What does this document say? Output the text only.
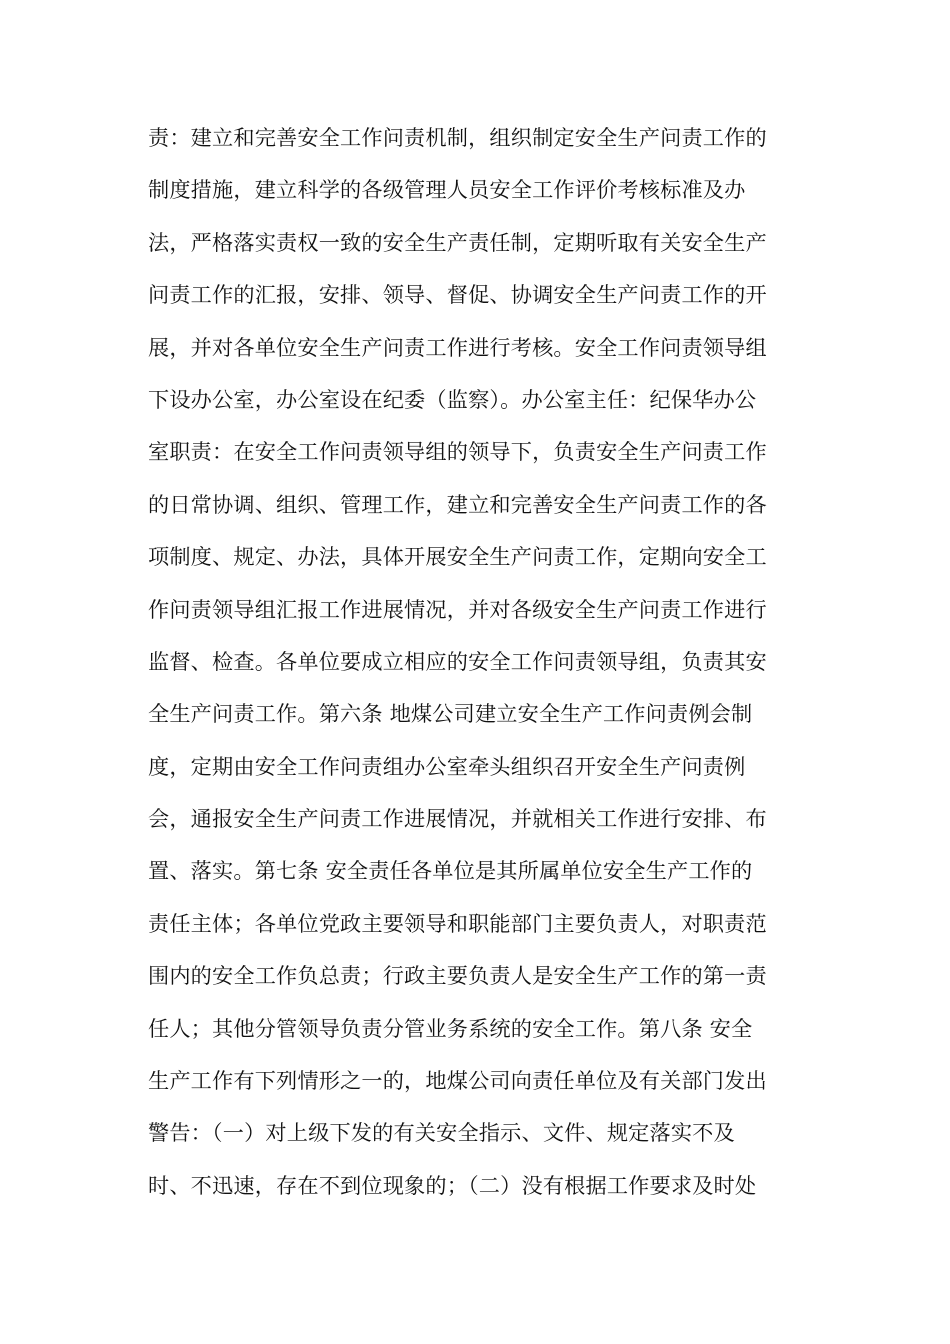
责：建立和完善安全工作问责机制，组织制定安全生产问责工作的
制度措施，建立科学的各级管理人员安全工作评价考核标准及办
法，严格落实责权一致的安全生产责任制，定期听取有关安全生产
问责工作的汇报，安排、领导、督促、协调安全生产问责工作的开
展，并对各单位安全生产问责工作进行考核。安全工作问责领导组
下设办公室，办公室设在纪委（监察）。办公室主任：纪保华办公
室职责：在安全工作问责领导组的领导下，负责安全生产问责工作
的日常协调、组织、管理工作，建立和完善安全生产问责工作的各
项制度、规定、办法，具体开展安全生产问责工作，定期向安全工
作问责领导组汇报工作进展情况，并对各级安全生产问责工作进行
监督、检查。各单位要成立相应的安全工作问责领导组，负责其安
全生产问责工作。第六条 地煤公司建立安全生产工作问责例会制
度，定期由安全工作问责组办公室牵头组织召开安全生产问责例
会，通报安全生产问责工作进展情况，并就相关工作进行安排、布
置、落实。第七条 安全责任各单位是其所属单位安全生产工作的
责任主体；各单位党政主要领导和职能部门主要负责人，对职责范
围内的安全工作负总责；行政主要负责人是安全生产工作的第一责
任人；其他分管领导负责分管业务系统的安全工作。第八条 安全
生产工作有下列情形之一的，地煤公司向责任单位及有关部门发出
警告：（一）对上级下发的有关安全指示、文件、规定落实不及
时、不迅速，存在不到位现象的；（二）没有根据工作要求及时处
